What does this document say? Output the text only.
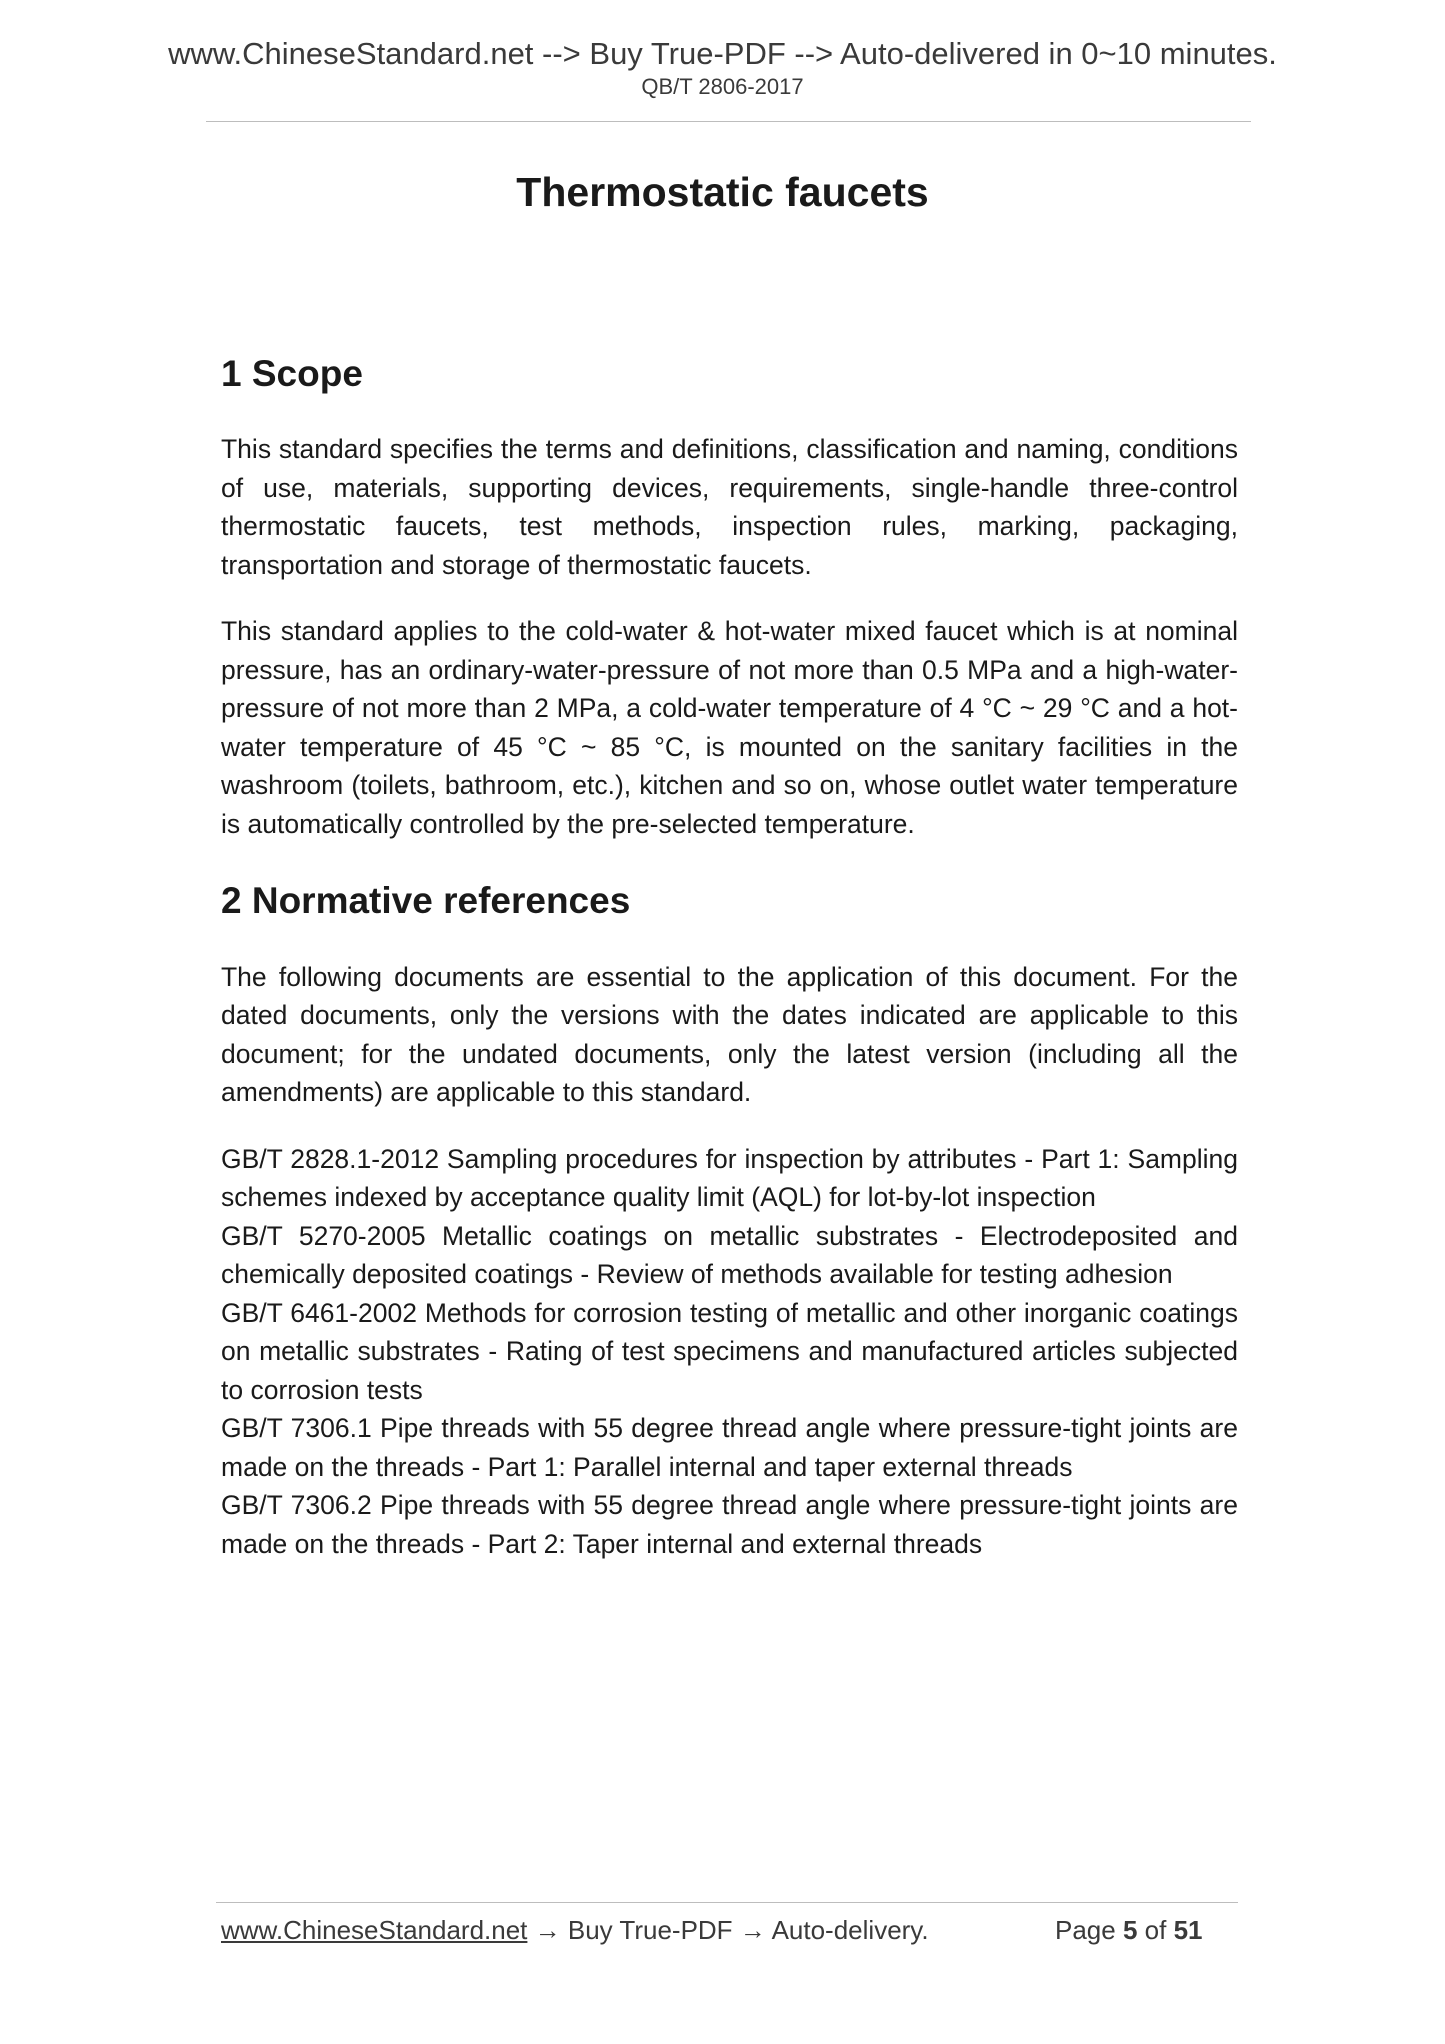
www.ChineseStandard.net --> Buy True-PDF --> Auto-delivered in 0~10 minutes.
QB/T 2806-2017
Thermostatic faucets
1 Scope

This standard specifies the terms and definitions, classification and naming, conditions of use, materials, supporting devices, requirements, single-handle three-control thermostatic faucets, test methods, inspection rules, marking, packaging, transportation and storage of thermostatic faucets.

This standard applies to the cold-water & hot-water mixed faucet which is at nominal pressure, has an ordinary-water-pressure of not more than 0.5 MPa and a high-water-pressure of not more than 2 MPa, a cold-water temperature of 4 °C ~ 29 °C and a hot-water temperature of 45 °C ~ 85 °C, is mounted on the sanitary facilities in the washroom (toilets, bathroom, etc.), kitchen and so on, whose outlet water temperature is automatically controlled by the pre-selected temperature.

2 Normative references

The following documents are essential to the application of this document. For the dated documents, only the versions with the dates indicated are applicable to this document; for the undated documents, only the latest version (including all the amendments) are applicable to this standard.

GB/T 2828.1-2012 Sampling procedures for inspection by attributes - Part 1: Sampling schemes indexed by acceptance quality limit (AQL) for lot-by-lot inspection

GB/T 5270-2005 Metallic coatings on metallic substrates - Electrodeposited and chemically deposited coatings - Review of methods available for testing adhesion

GB/T 6461-2002 Methods for corrosion testing of metallic and other inorganic coatings on metallic substrates - Rating of test specimens and manufactured articles subjected to corrosion tests

GB/T 7306.1 Pipe threads with 55 degree thread angle where pressure-tight joints are made on the threads - Part 1: Parallel internal and taper external threads

GB/T 7306.2 Pipe threads with 55 degree thread angle where pressure-tight joints are made on the threads - Part 2: Taper internal and external threads

www.ChineseStandard.net → Buy True-PDF → Auto-delivery.	Page 5 of 51
